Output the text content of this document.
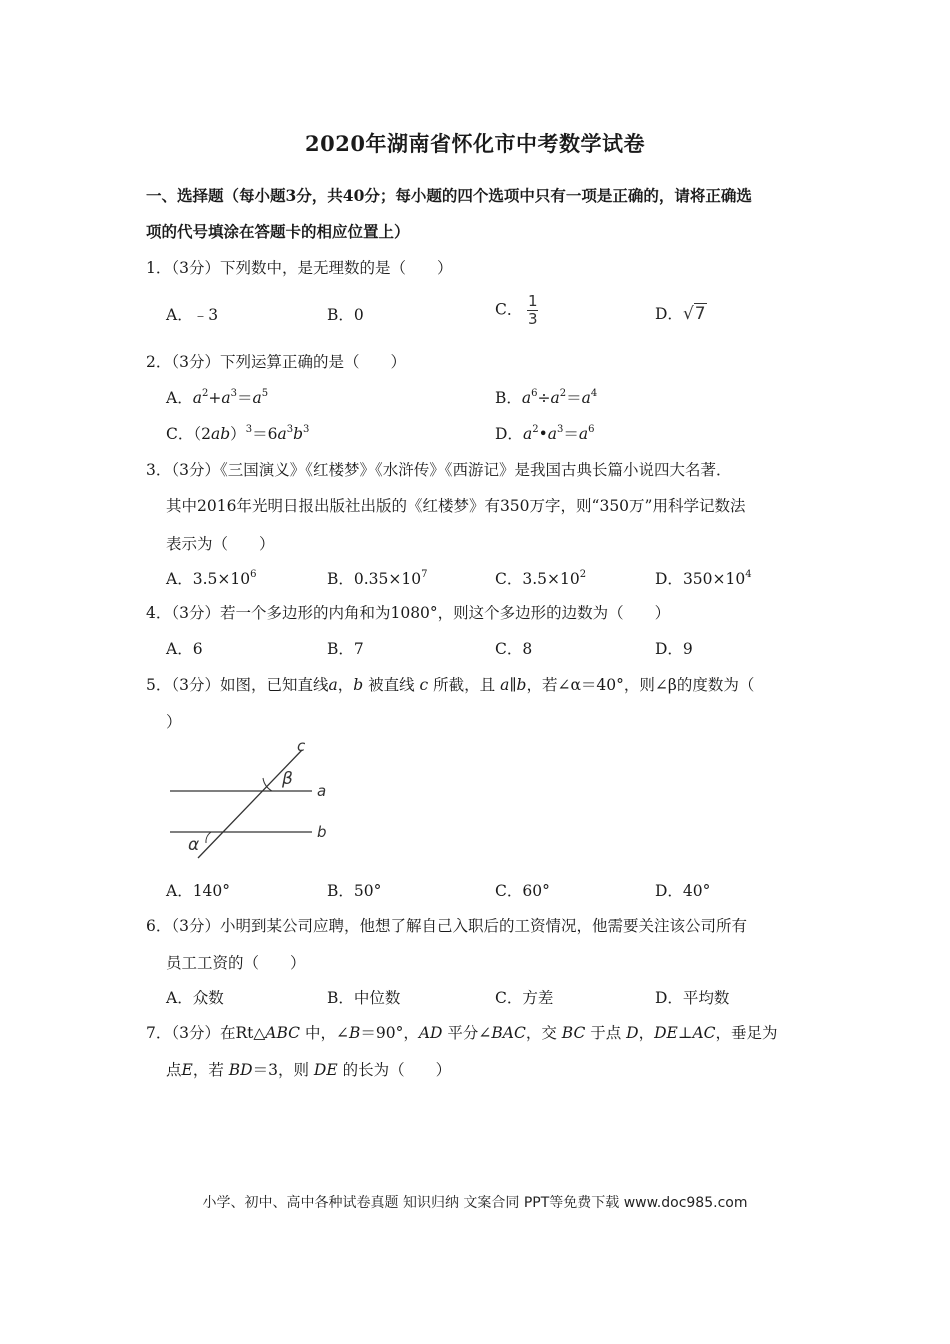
2020年湖南省怀化市中考数学试卷
一、选择题（每小题3分，共40分；每小题的四个选项中只有一项是正确的，请将正确选
项的代号填涂在答题卡的相应位置上）
1．（3分）下列数中，是无理数的是（　　）
A．﹣3	B．0	C． $\frac{1}{3}$	D．√7
2．（3分）下列运算正确的是（　　）
A．$a^2+a^3=a^5$	B．$a^6\div a^2=a^4$
C．$(2ab)^3=6a^3b^3$	D．$a^2•a^3=a^6$
3．（3分）《三国演义》《红楼梦》《水浒传》《西游记》是我国古典长篇小说四大名著．
其中2016年光明日报出版社出版的《红楼梦》有350万字，则“350万”用科学记数法
表示为（　　）
A．$3.5\times 10^6$	B．$0.35\times 10^7$	C．$3.5\times 10^2$	D．$350\times 10^4$
4．（3分）若一个多边形的内角和为1080°，则这个多边形的边数为（　　）
A．6	B．7	C．8	D．9
5．（3分）如图，已知直线a，b 被直线 c 所截，且 a∥b，若∠α＝40°，则∠β的度数为（
）
c
a
b
β
α
A．140°	B．50°	C．60°	D．40°
6．（3分）小明到某公司应聘，他想了解自己入职后的工资情况，他需要关注该公司所有
员工工资的（　　）
A．众数	B．中位数	C．方差	D．平均数
7．（3分）在Rt△ABC 中，∠B＝90°，AD 平分∠BAC，交 BC 于点 D，DE⊥AC，垂足为
点E，若 BD＝3，则 DE 的长为（　　）
小学、初中、高中各种试卷真题 知识归纳 文案合同 PPT等免费下载 www.doc985.com
